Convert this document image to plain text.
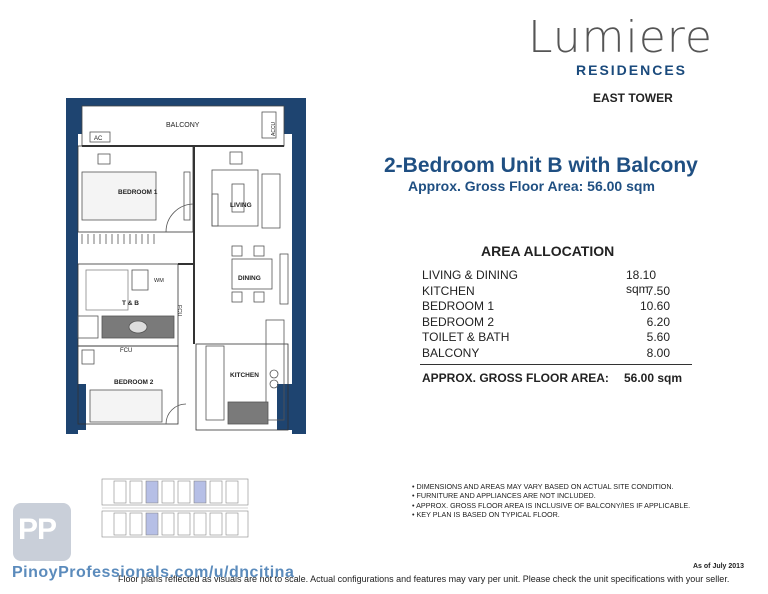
Lumiere
RESIDENCES
EAST TOWER
2-Bedroom Unit B with Balcony
Approx. Gross Floor Area: 56.00 sqm
AREA ALLOCATION
LIVING & DINING	18.10 sqm
KITCHEN	7.50
BEDROOM 1	10.60
BEDROOM 2	6.20
TOILET & BATH	5.60
BALCONY	8.00
APPROX. GROSS FLOOR AREA: 56.00 sqm
BALCONY
AC
ACCU
BEDROOM 1
LIVING
DINING
T & B
WM
FCU
FCU
BEDROOM 2
KITCHEN
PP
• DIMENSIONS AND AREAS MAY VARY BASED ON ACTUAL SITE CONDITION.
• FURNITURE AND APPLIANCES ARE NOT INCLUDED.
• APPROX. GROSS FLOOR AREA IS INCLUSIVE OF BALCONY/IES IF APPLICABLE.
• KEY PLAN IS BASED ON TYPICAL FLOOR.
As of July 2013
Floor plans reflected as visuals are not to scale. Actual configurations and features may vary per unit. Please check the unit specifications with your seller.
PinoyProfessionals.com/u/dncitina
